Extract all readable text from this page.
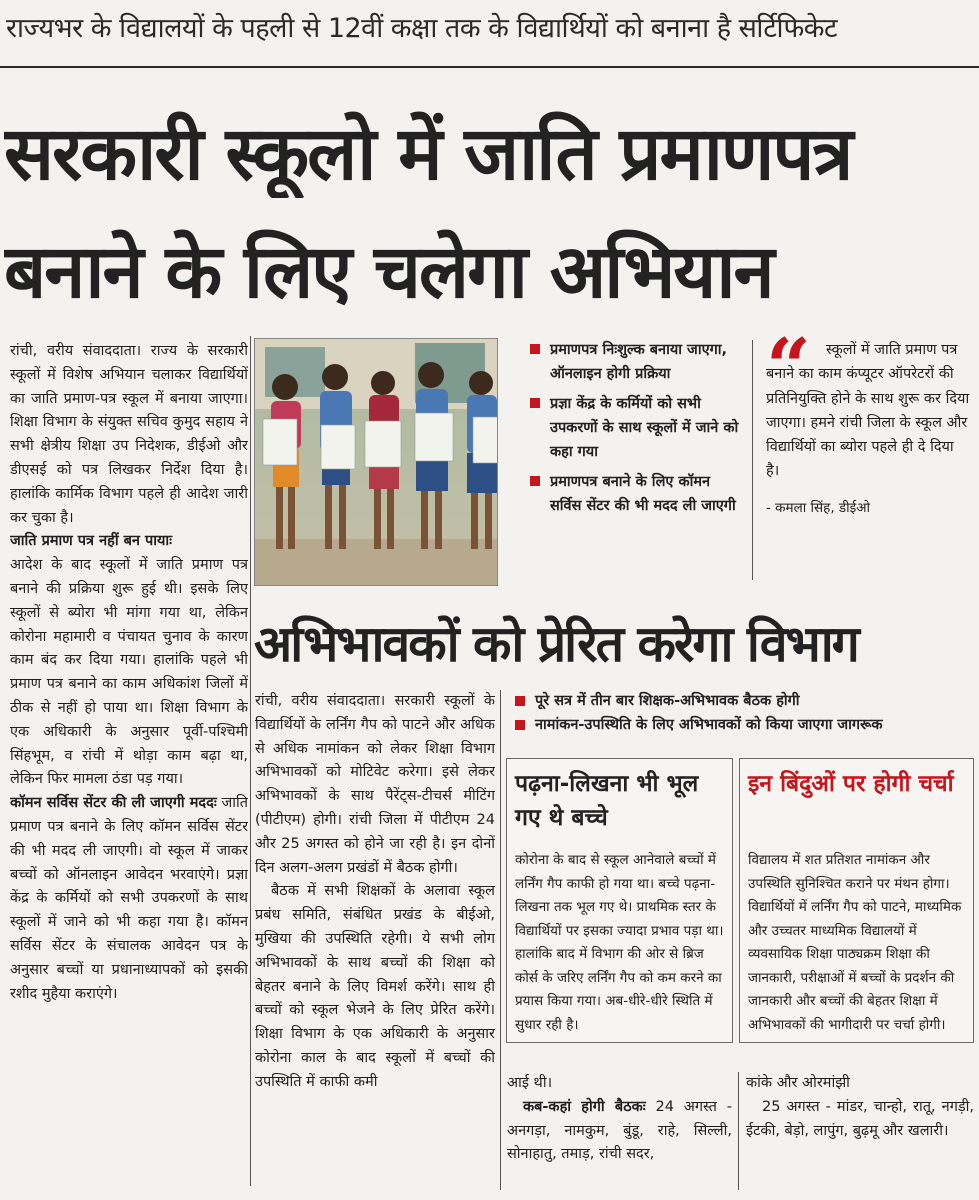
राज्यभर के विद्यालयों के पहली से 12वीं कक्षा तक के विद्यार्थियों को बनाना है सर्टिफिकेट
सरकारी स्कूलो में जाति प्रमाणपत्र
बनाने के लिए चलेगा अभियान

रांची, वरीय संवाददाता। राज्य के सरकारी स्कूलों में विशेष अभियान चलाकर विद्यार्थियों का जाति प्रमाण-पत्र स्कूल में बनाया जाएगा। शिक्षा विभाग के संयुक्त सचिव कुमुद सहाय ने सभी क्षेत्रीय शिक्षा उप निदेशक, डीईओ और डीएसई को पत्र लिखकर निर्देश दिया है। हालांकि कार्मिक विभाग पहले ही आदेश जारी कर चुका है।

जाति प्रमाण पत्र नहीं बन पायाः

आदेश के बाद स्कूलों में जाति प्रमाण पत्र बनाने की प्रक्रिया शुरू हुई थी। इसके लिए स्कूलों से ब्योरा भी मांगा गया था, लेकिन कोरोना महामारी व पंचायत चुनाव के कारण काम बंद कर दिया गया। हालांकि पहले भी प्रमाण पत्र बनाने का काम अधिकांश जिलों में ठीक से नहीं हो पाया था। शिक्षा विभाग के एक अधिकारी के अनुसार पूर्वी-पश्चिमी सिंहभूम, व रांची में थोड़ा काम बढ़ा था, लेकिन फिर मामला ठंडा पड़ गया।

कॉमन सर्विस सेंटर की ली जाएगी मददः जाति प्रमाण पत्र बनाने के लिए कॉमन सर्विस सेंटर की भी मदद ली जाएगी। वो स्कूल में जाकर बच्चों को ऑनलाइन आवेदन भरवाएंगे। प्रज्ञा केंद्र के कर्मियों को सभी उपकरणों के साथ स्कूलों में जाने को भी कहा गया है। कॉमन सर्विस सेंटर के संचालक आवेदन पत्र के अनुसार बच्चों या प्रधानाध्यापकों को इसकी रशीद मुहैया कराएंगे।

प्रमाणपत्र निःशुल्क बनाया जाएगा, ऑनलाइन होगी प्रक्रिया
प्रज्ञा केंद्र के कर्मियों को सभी उपकरणों के साथ स्कूलों में जाने को कहा गया
प्रमाणपत्र बनाने के लिए कॉमन सर्विस सेंटर की भी मदद ली जाएगी
“	स्कूलों में जाति प्रमाण पत्र बनाने का काम कंप्यूटर ऑपरेटरों की प्रतिनियुक्ति होने के साथ शुरू कर दिया जाएगा। हमने रांची जिला के स्कूल और विद्यार्थियों का ब्योरा पहले ही दे दिया है।

- कमला सिंह, डीईओ

अभिभावकों को प्रेरित करेगा विभाग

रांची, वरीय संवाददाता। सरकारी स्कूलों के विद्यार्थियों के लर्निंग गैप को पाटने और अधिक से अधिक नामांकन को लेकर शिक्षा विभाग अभिभावकों को मोटिवेट करेगा। इसे लेकर अभिभावकों के साथ पैरेंट्स-टीचर्स मीटिंग (पीटीएम) होगी। रांची जिला में पीटीएम 24 और 25 अगस्त को होने जा रही है। इन दोनों दिन अलग-अलग प्रखंडों में बैठक होगी।

बैठक में सभी शिक्षकों के अलावा स्कूल प्रबंध समिति, संबंधित प्रखंड के बीईओ, मुखिया की उपस्थिति रहेगी। ये सभी लोग अभिभावकों के साथ बच्चों की शिक्षा को बेहतर बनाने के लिए विमर्श करेंगे। साथ ही बच्चों को स्कूल भेजने के लिए प्रेरित करेंगे। शिक्षा विभाग के एक अधिकारी के अनुसार कोरोना काल के बाद स्कूलों में बच्चों की उपस्थिति में काफी कमी

पूरे सत्र में तीन बार शिक्षक-अभिभावक बैठक होगी
नामांकन-उपस्थिति के लिए अभिभावकों को किया जाएगा जागरूक
पढ़ना-लिखना भी भूल गए थे बच्चे
कोरोना के बाद से स्कूल आनेवाले बच्चों में लर्निंग गैप काफी हो गया था। बच्चे पढ़ना-लिखना तक भूल गए थे। प्राथमिक स्तर के विद्यार्थियों पर इसका ज्यादा प्रभाव पड़ा था। हालांकि बाद में विभाग की ओर से ब्रिज कोर्स के जरिए लर्निंग गैप को कम करने का प्रयास किया गया। अब-धीरे-धीरे स्थिति में सुधार रही है।
इन बिंदुओं पर होगी चर्चा
विद्यालय में शत प्रतिशत नामांकन और उपस्थिति सुनिश्चित कराने पर मंथन होगा। विद्यार्थियों में लर्निंग गैप को पाटने, माध्यमिक और उच्चतर माध्यमिक विद्यालयों में व्यवसायिक शिक्षा पाठ्यक्रम शिक्षा की जानकारी, परीक्षाओं में बच्चों के प्रदर्शन की जानकारी और बच्चों की बेहतर शिक्षा में अभिभावकों की भागीदारी पर चर्चा होगी।

आई थी।

कब-कहां होगी बैठकः 24 अगस्त - अनगड़ा, नामकुम, बुंडू, राहे, सिल्ली, सोनाहातु, तमाड़, रांची सदर,

कांके और ओरमांझी

25 अगस्त - मांडर, चान्हो, रातू, नगड़ी, ईटकी, बेड़ो, लापुंग, बुढ़मू और खलारी।
